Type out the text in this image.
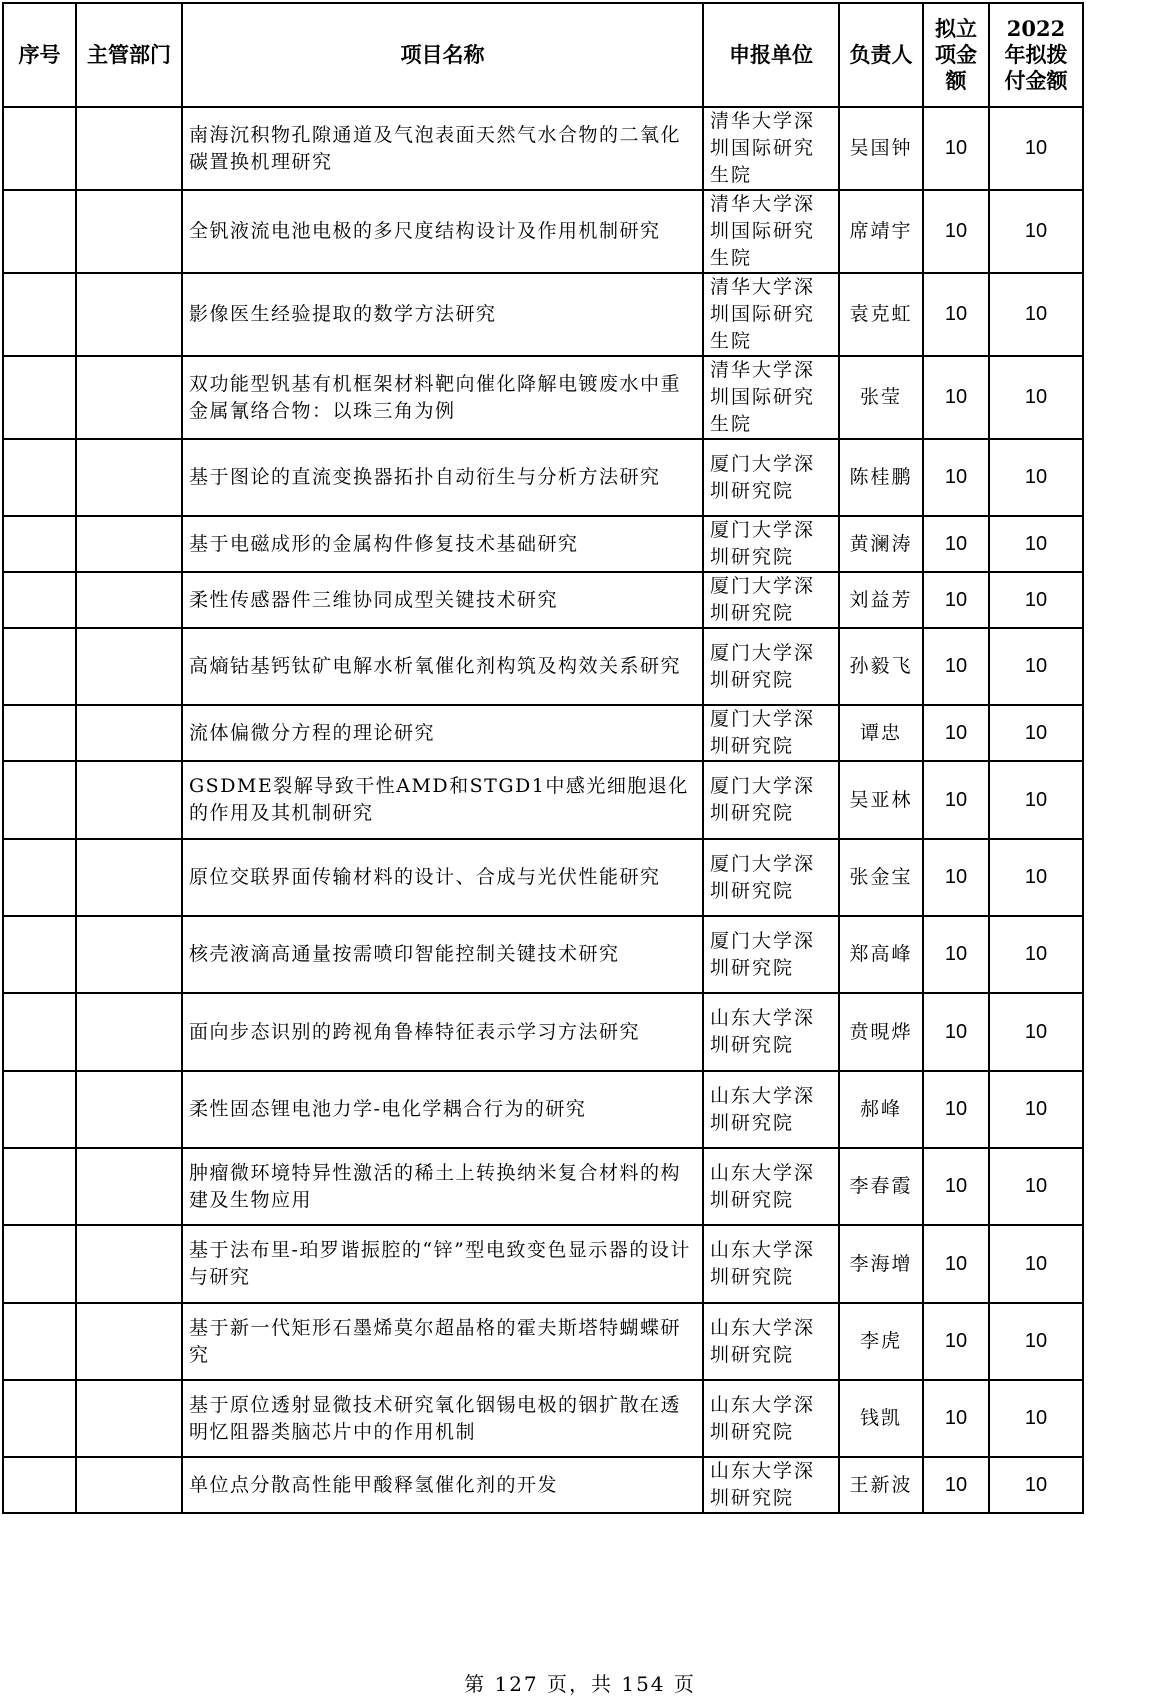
序号	主管部门	项目名称	申报单位	负责人	拟立项金额	2022年拟拨付金额
		南海沉积物孔隙通道及气泡表面天然气水合物的二氧化碳置换机理研究	清华大学深圳国际研究生院	吴国钟	10	10
		全钒液流电池电极的多尺度结构设计及作用机制研究	清华大学深圳国际研究生院	席靖宇	10	10
		影像医生经验提取的数学方法研究	清华大学深圳国际研究生院	袁克虹	10	10
		双功能型钒基有机框架材料靶向催化降解电镀废水中重金属氰络合物：以珠三角为例	清华大学深圳国际研究生院	张莹	10	10
		基于图论的直流变换器拓扑自动衍生与分析方法研究	厦门大学深圳研究院	陈桂鹏	10	10
		基于电磁成形的金属构件修复技术基础研究	厦门大学深圳研究院	黄澜涛	10	10
		柔性传感器件三维协同成型关键技术研究	厦门大学深圳研究院	刘益芳	10	10
		高熵钴基钙钛矿电解水析氧催化剂构筑及构效关系研究	厦门大学深圳研究院	孙毅飞	10	10
		流体偏微分方程的理论研究	厦门大学深圳研究院	谭忠	10	10
		GSDME裂解导致干性AMD和STGD1中感光细胞退化的作用及其机制研究	厦门大学深圳研究院	吴亚林	10	10
		原位交联界面传输材料的设计、合成与光伏性能研究	厦门大学深圳研究院	张金宝	10	10
		核壳液滴高通量按需喷印智能控制关键技术研究	厦门大学深圳研究院	郑高峰	10	10
		面向步态识别的跨视角鲁棒特征表示学习方法研究	山东大学深圳研究院	贲晛烨	10	10
		柔性固态锂电池力学-电化学耦合行为的研究	山东大学深圳研究院	郝峰	10	10
		肿瘤微环境特异性激活的稀土上转换纳米复合材料的构建及生物应用	山东大学深圳研究院	李春霞	10	10
		基于法布里-珀罗谐振腔的“锌”型电致变色显示器的设计与研究	山东大学深圳研究院	李海增	10	10
		基于新一代矩形石墨烯莫尔超晶格的霍夫斯塔特蝴蝶研究	山东大学深圳研究院	李虎	10	10
		基于原位透射显微技术研究氧化铟锡电极的铟扩散在透明忆阻器类脑芯片中的作用机制	山东大学深圳研究院	钱凯	10	10
		单位点分散高性能甲酸释氢催化剂的开发	山东大学深圳研究院	王新波	10	10
第 127 页，共 154 页
